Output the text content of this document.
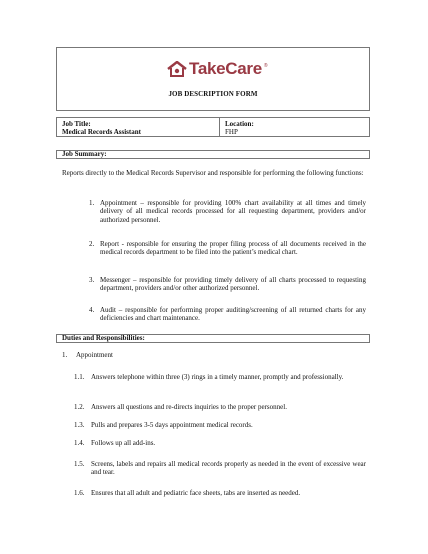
TakeCare ®
JOB DESCRIPTION FORM
Job Title:
Medical Records Assistant
Location:
FHP
Job Summary:
Reports directly to the Medical Records Supervisor and responsible for performing the following functions:
1. Appointment – responsible for providing 100% chart availability at all times and timely delivery of all medical records processed for all requesting department, providers and/or authorized personnel.
2. Report - responsible for ensuring the proper filing process of all documents received in the medical records department to be filed into the patient’s medical chart.
3. Messenger – responsible for providing timely delivery of all charts processed to requesting department, providers and/or other authorized personnel.
4. Audit – responsible for performing proper auditing/screening of all returned charts for any deficiencies and chart maintenance.
Duties and Responsibilities:
1. Appointment
1.1. Answers telephone within three (3) rings in a timely manner, promptly and professionally.
1.2. Answers all questions and re-directs inquiries to the proper personnel.
1.3. Pulls and prepares 3-5 days appointment medical records.
1.4. Follows up all add-ins.
1.5. Screens, labels and repairs all medical records properly as needed in the event of excessive wear and tear.
1.6. Ensures that all adult and pediatric face sheets, tabs are inserted as needed.
